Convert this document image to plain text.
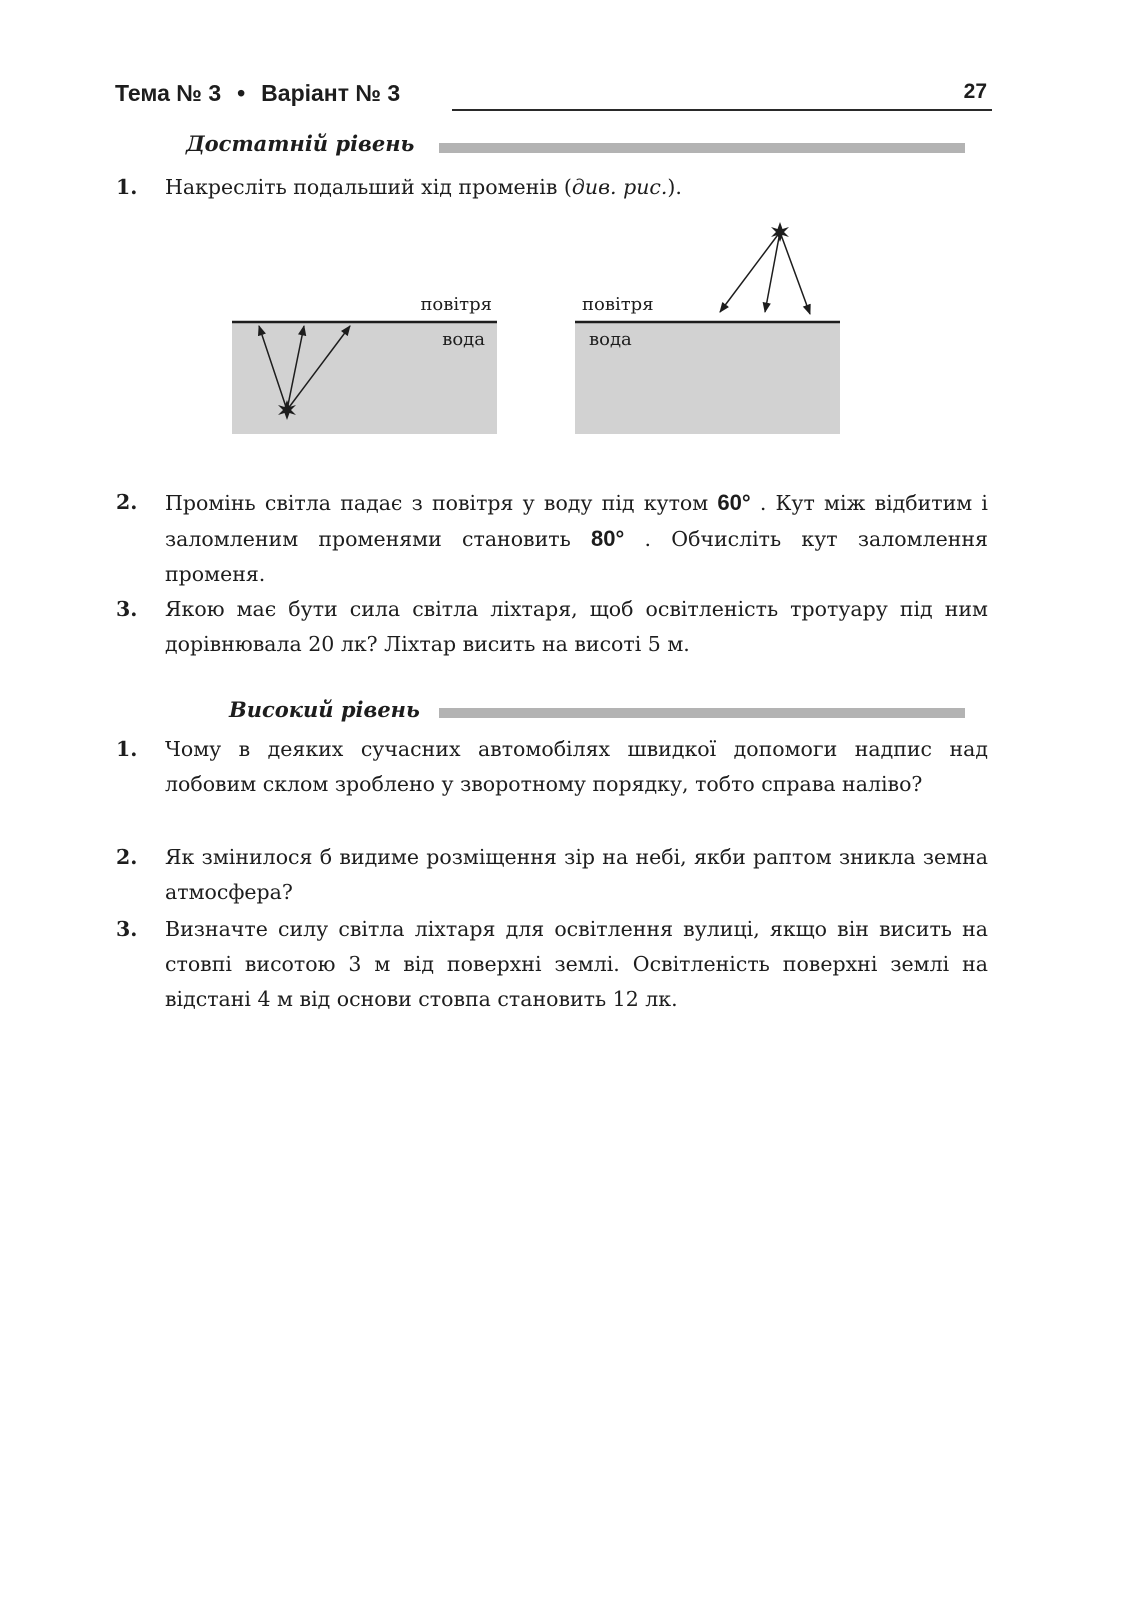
Тема № 3 • Варіант № 3	27
Достатній рівень
1. Накресліть подальший хід променів (див. рис.).
повітря
вода
повітря
вода
2. Промінь світла падає з повітря у воду під кутом 60° . Кут між відбитим і заломленим променями становить 80° . Обчисліть кут заломлення променя.
3. Якою має бути сила світла ліхтаря, щоб освітленість тротуару під ним дорівнювала 20 лк? Ліхтар висить на висоті 5 м.
Високий рівень
1. Чому в деяких сучасних автомобілях швидкої допомоги надпис над лобовим склом зроблено у зворотному порядку, тобто справа наліво?
2. Як змінилося б видиме розміщення зір на небі, якби раптом зникла земна атмосфера?
3. Визначте силу світла ліхтаря для освітлення вулиці, якщо він висить на стовпі висотою 3 м від поверхні землі. Освітленість поверхні землі на відстані 4 м від основи стовпа становить 12 лк.
